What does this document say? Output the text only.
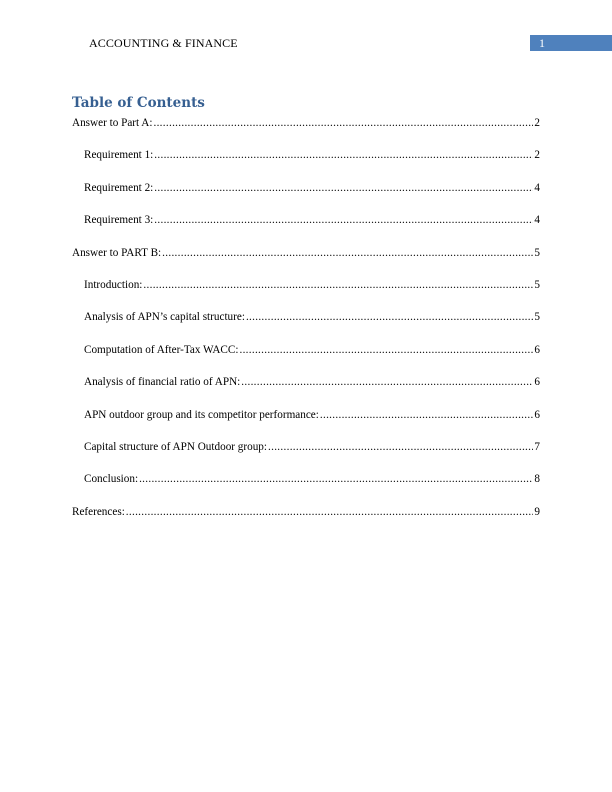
ACCOUNTING & FINANCE	1
Table of Contents
Answer to Part A: .....	2
Requirement 1: .....	2
Requirement 2: .....	4
Requirement 3: .....	4
Answer to PART B: .....	5
Introduction: .....	5
Analysis of APN’s capital structure: .....	5
Computation of After-Tax WACC: .....	6
Analysis of financial ratio of APN: .....	6
APN outdoor group and its competitor performance: .....	6
Capital structure of APN Outdoor group: .....	7
Conclusion: .....	8
References: .....	9
